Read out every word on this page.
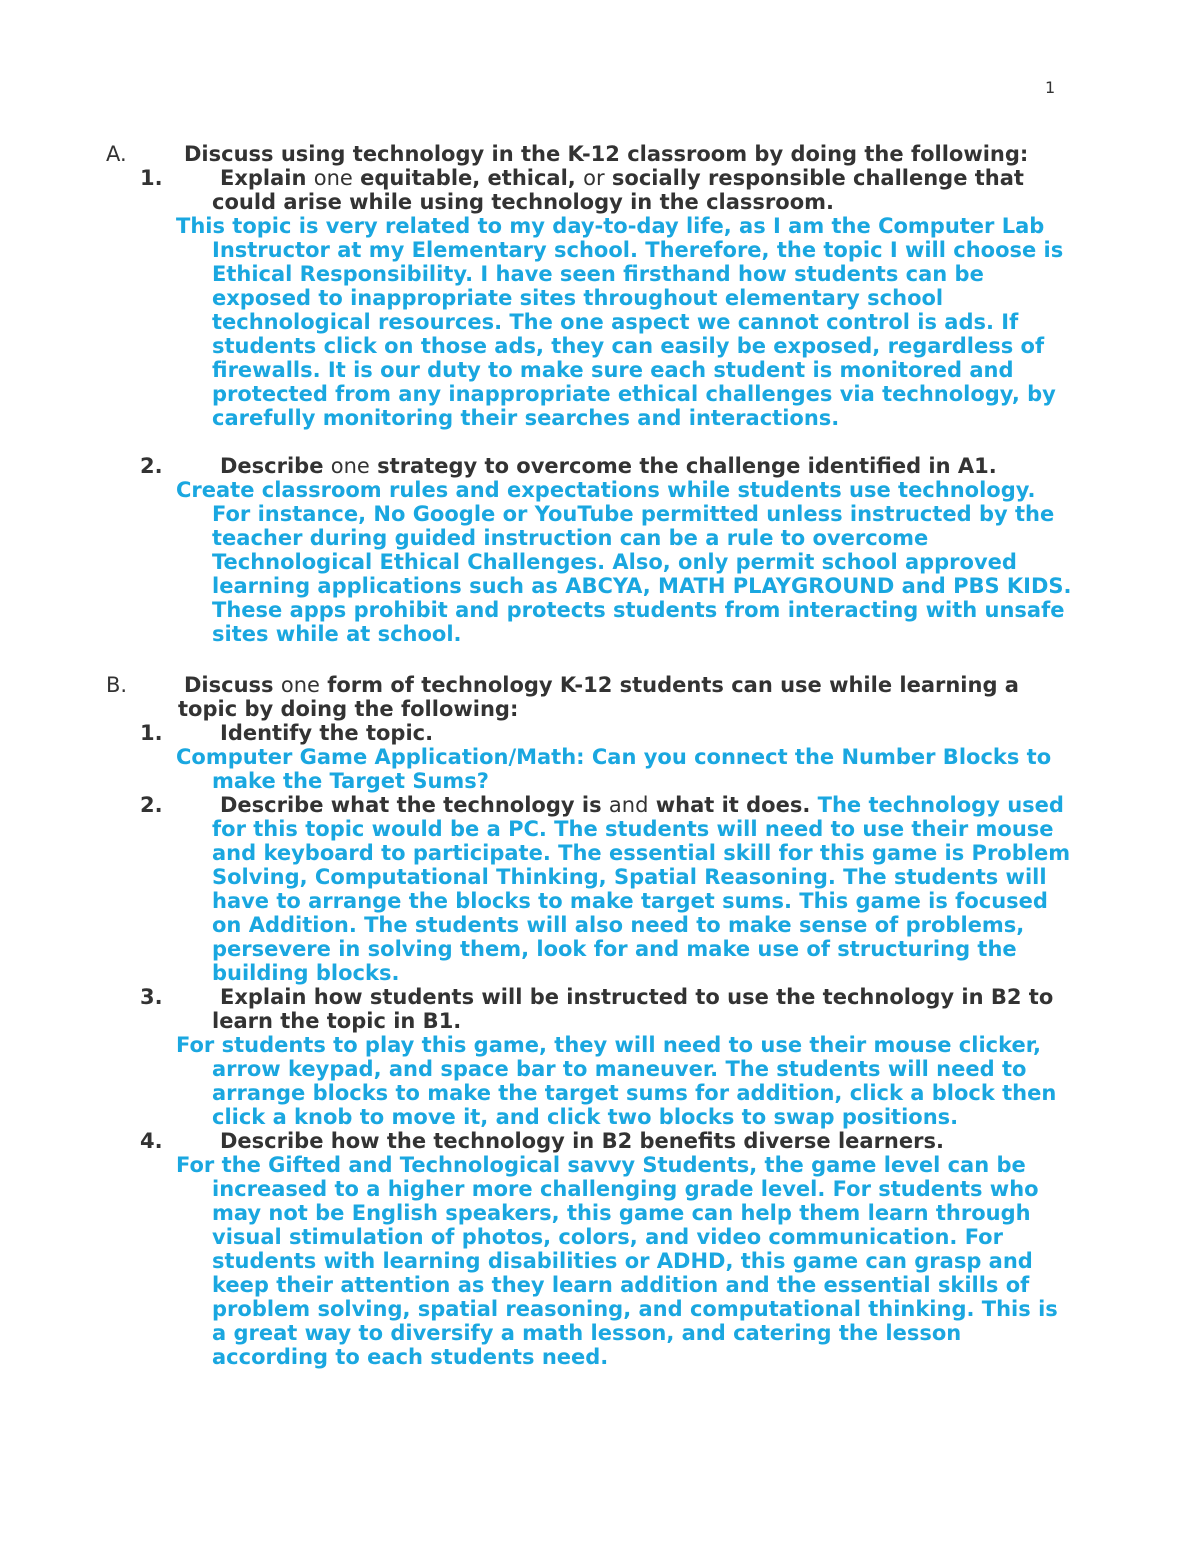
1
A.	Discuss using technology in the K-12 classroom by doing the following:
1.	Explain one equitable, ethical, or socially responsible challenge that could arise while using technology in the classroom.
This topic is very related to my day-to-day life, as I am the Computer Lab Instructor at my Elementary school. Therefore, the topic I will choose is Ethical Responsibility. I have seen firsthand how students can be exposed to inappropriate sites throughout elementary school technological resources. The one aspect we cannot control is ads. If students click on those ads, they can easily be exposed, regardless of firewalls. It is our duty to make sure each student is monitored and protected from any inappropriate ethical challenges via technology, by carefully monitoring their searches and interactions.
2.	Describe one strategy to overcome the challenge identified in A1.
Create classroom rules and expectations while students use technology. For instance, No Google or YouTube permitted unless instructed by the teacher during guided instruction can be a rule to overcome Technological Ethical Challenges. Also, only permit school approved learning applications such as ABCYA, MATH PLAYGROUND and PBS KIDS. These apps prohibit and protects students from interacting with unsafe sites while at school.
B.	Discuss one form of technology K-12 students can use while learning a topic by doing the following:
1.	Identify the topic.
Computer Game Application/Math: Can you connect the Number Blocks to make the Target Sums?
2.	Describe what the technology is and what it does. The technology used for this topic would be a PC. The students will need to use their mouse and keyboard to participate. The essential skill for this game is Problem Solving, Computational Thinking, Spatial Reasoning. The students will have to arrange the blocks to make target sums. This game is focused on Addition. The students will also need to make sense of problems, persevere in solving them, look for and make use of structuring the building blocks.
3.	Explain how students will be instructed to use the technology in B2 to learn the topic in B1.
For students to play this game, they will need to use their mouse clicker, arrow keypad, and space bar to maneuver. The students will need to arrange blocks to make the target sums for addition, click a block then click a knob to move it, and click two blocks to swap positions.
4.	Describe how the technology in B2 benefits diverse learners.
For the Gifted and Technological savvy Students, the game level can be increased to a higher more challenging grade level. For students who may not be English speakers, this game can help them learn through visual stimulation of photos, colors, and video communication. For students with learning disabilities or ADHD, this game can grasp and keep their attention as they learn addition and the essential skills of problem solving, spatial reasoning, and computational thinking. This is a great way to diversify a math lesson, and catering the lesson according to each students need.
